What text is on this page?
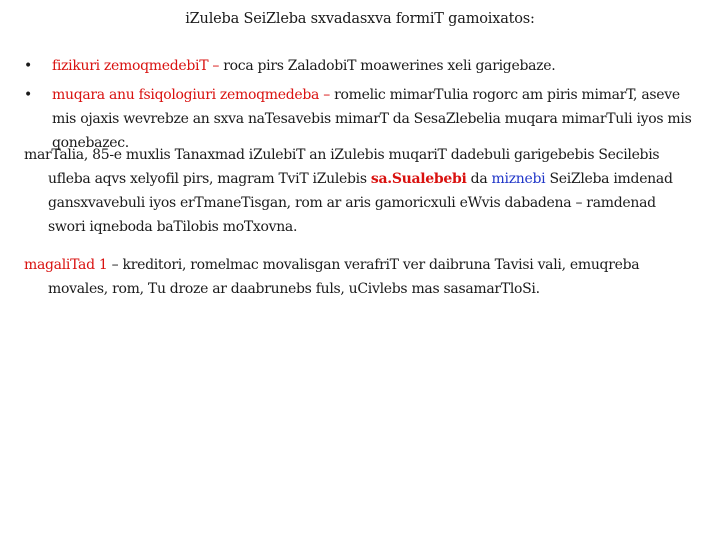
iZuleba SeiZleba sxvadasxva formiT gamoixatos:
•	fizikuri zemoqmedebiT – roca pirs ZaladobiT moawerines xeli garigebaze.
•	muqara anu fsiqologiuri zemoqmedeba – romelic mimarTulia rogorc am piris mimarT, aseve mis ojaxis wevrebze an sxva naTesavebis mimarT da SesaZlebelia muqara mimarTuli iyos mis qonebazec.
marTalia, 85-e muxlis Tanaxmad iZulebiT an iZulebis muqariT dadebuli garigebebis Secilebis ufleba aqvs xelyofil pirs, magram TviT iZulebis sa.Sualebebi da miznebi SeiZleba imdenad gansxvavebuli iyos erTmaneTisgan, rom ar aris gamoricxuli eWvis dabadena – ramdenad swori iqneboda baTilobis moTxovna.
magaliTad 1 – kreditori, romelmac movalisgan verafriT ver daibruna Tavisi vali, emuqreba movales, rom, Tu droze ar daabrunebs fuls, uCivlebs mas sasamarTloSi.
